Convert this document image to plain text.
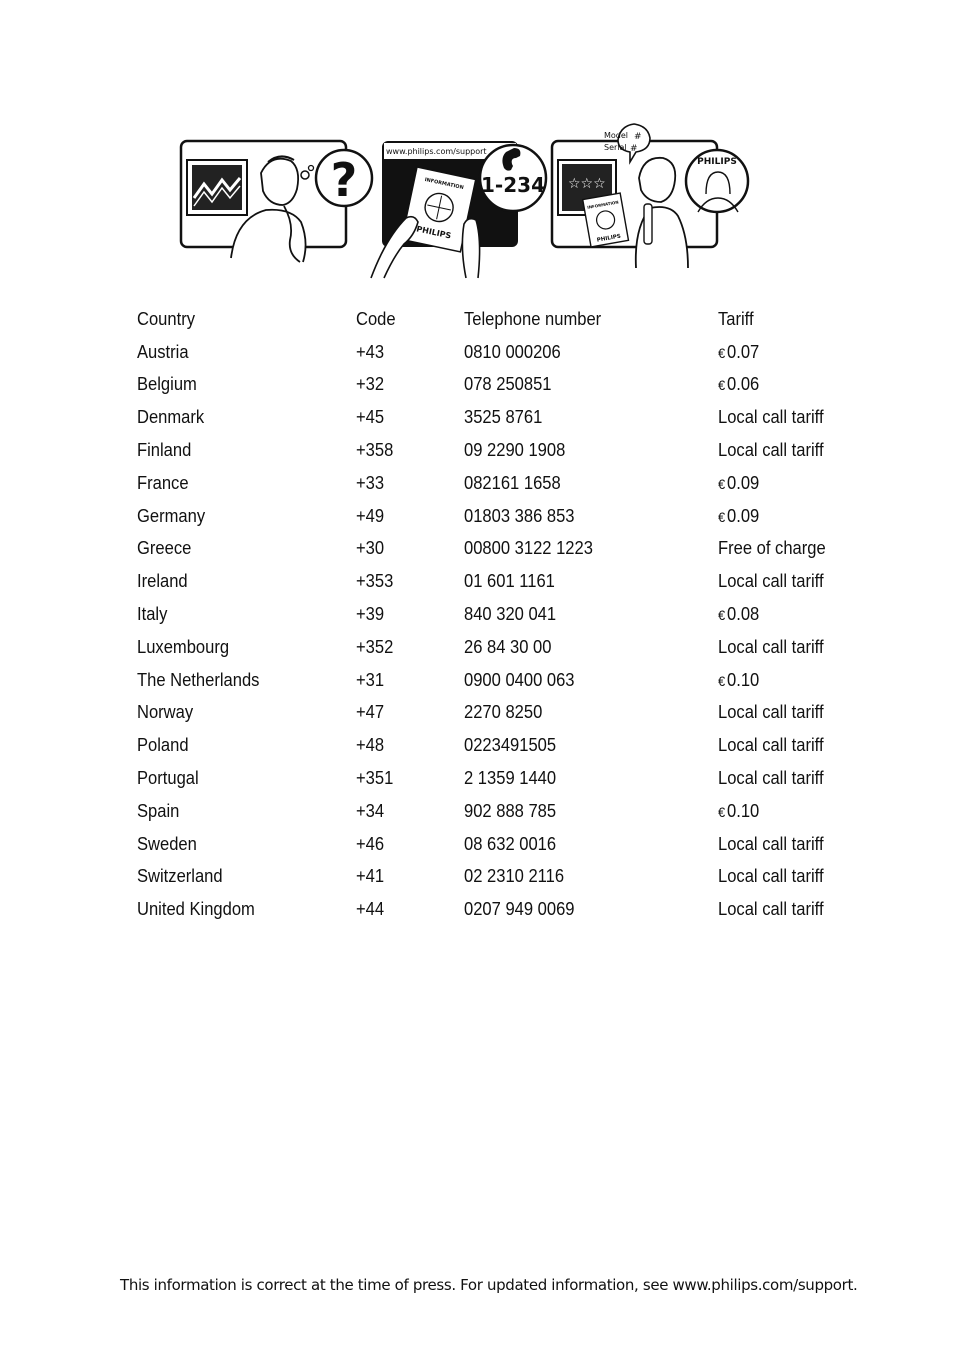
?
www.philips.com/support
INFORMATION
PHILIPS
1-234 ☆☆☆
INFORMATION
PHILIPS
Model #
Serial #
PHILIPS
Country	Code	Telephone number	Tariff
Austria	+43	0810 000206	€ 0.07
Belgium	+32	078 250851	€ 0.06
Denmark	+45	3525 8761	Local call tariff
Finland	+358	09 2290 1908	Local call tariff
France	+33	082161 1658	€ 0.09
Germany	+49	01803 386 853	€ 0.09
Greece	+30	00800 3122 1223	Free of charge
Ireland	+353	01 601 1161	Local call tariff
Italy	+39	840 320 041	€ 0.08
Luxembourg	+352	26 84 30 00	Local call tariff
The Netherlands	+31	0900 0400 063	€ 0.10
Norway	+47	2270 8250	Local call tariff
Poland	+48	0223491505	Local call tariff
Portugal	+351	2 1359 1440	Local call tariff
Spain	+34	902 888 785	€ 0.10
Sweden	+46	08 632 0016	Local call tariff
Switzerland	+41	02 2310 2116	Local call tariff
United Kingdom	+44	0207 949 0069	Local call tariff
This information is correct at the time of press. For updated information, see www.philips.com/support.
